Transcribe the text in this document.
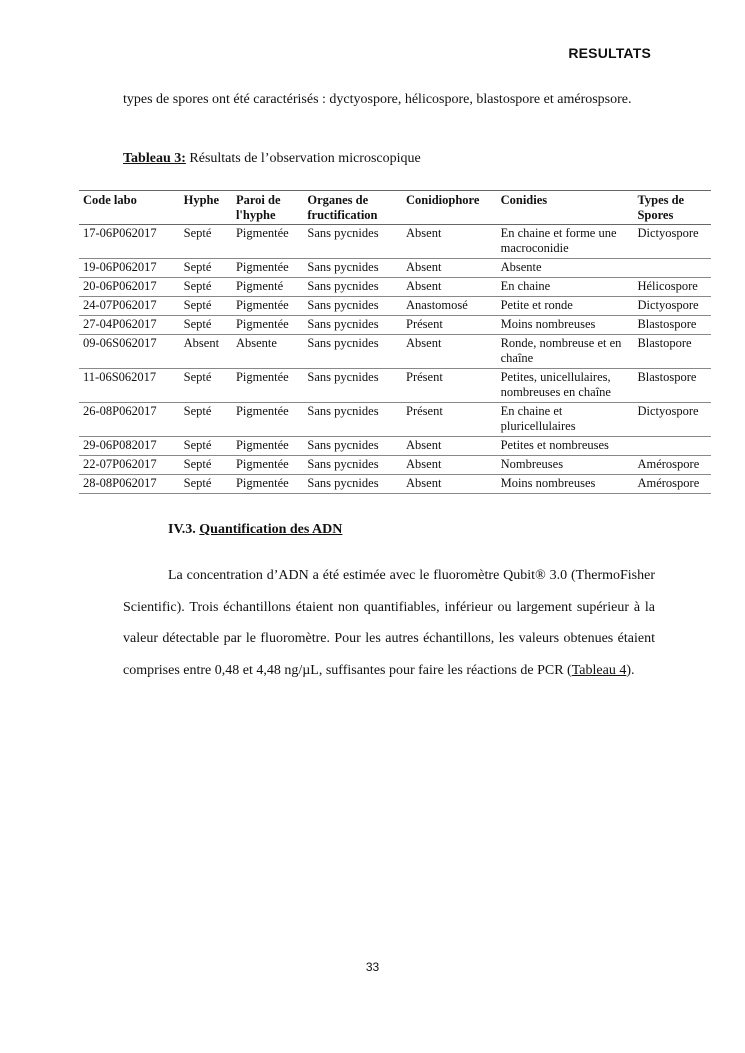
RESULTATS
types de spores ont été caractérisés : dyctyospore, hélicospore, blastospore et amérospsore.
Tableau 3: Résultats de l’observation microscopique
Code labo	Hyphe	Paroi de l'hyphe	Organes de fructification	Conidiophore	Conidies	Types de Spores
17-06P062017	Septé	Pigmentée	Sans pycnides	Absent	En chaine et forme une macroconidie	Dictyospore
19-06P062017	Septé	Pigmentée	Sans pycnides	Absent	Absente	
20-06P062017	Septé	Pigmenté	Sans pycnides	Absent	En chaine	Hélicospore
24-07P062017	Septé	Pigmentée	Sans pycnides	Anastomosé	Petite et ronde	Dictyospore
27-04P062017	Septé	Pigmentée	Sans pycnides	Présent	Moins nombreuses	Blastospore
09-06S062017	Absent	Absente	Sans pycnides	Absent	Ronde, nombreuse et en chaîne	Blastopore
11-06S062017	Septé	Pigmentée	Sans pycnides	Présent	Petites, unicellulaires, nombreuses en chaîne	Blastospore
26-08P062017	Septé	Pigmentée	Sans pycnides	Présent	En chaine et pluricellulaires	Dictyospore
29-06P082017	Septé	Pigmentée	Sans pycnides	Absent	Petites et nombreuses	
22-07P062017	Septé	Pigmentée	Sans pycnides	Absent	Nombreuses	Amérospore
28-08P062017	Septé	Pigmentée	Sans pycnides	Absent	Moins nombreuses	Amérospore
IV.3. Quantification des ADN
La concentration d’ADN a été estimée avec le fluoromètre Qubit® 3.0 (ThermoFisher Scientific). Trois échantillons étaient non quantifiables, inférieur ou largement supérieur à la valeur détectable par le fluoromètre. Pour les autres échantillons, les valeurs obtenues étaient comprises entre 0,48 et 4,48 ng/µL, suffisantes pour faire les réactions de PCR (Tableau 4).
33
